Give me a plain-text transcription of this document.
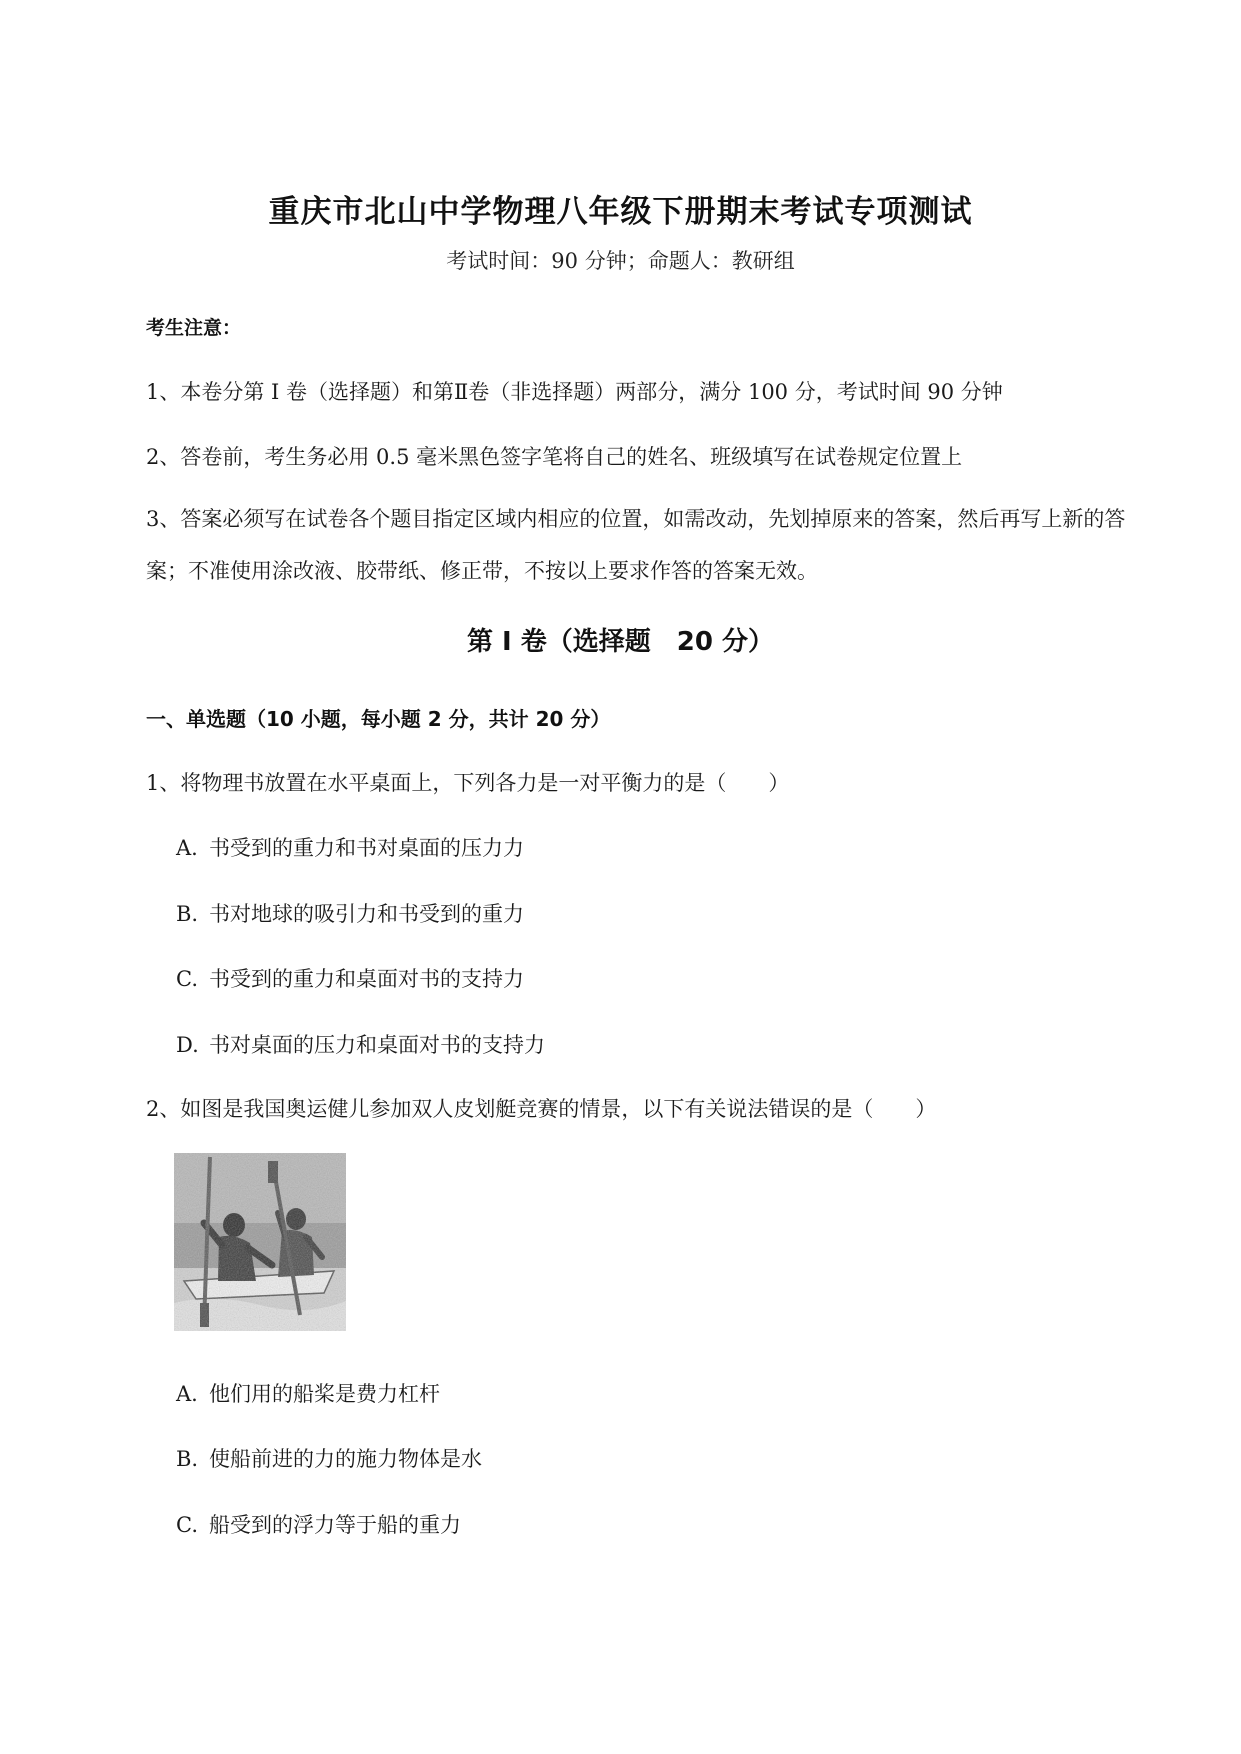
重庆市北山中学物理八年级下册期末考试专项测试
考试时间：90 分钟；命题人：教研组
考生注意：
1、本卷分第 I 卷（选择题）和第Ⅱ卷（非选择题）两部分，满分 100 分，考试时间 90 分钟
2、答卷前，考生务必用 0.5 毫米黑色签字笔将自己的姓名、班级填写在试卷规定位置上
3、答案必须写在试卷各个题目指定区域内相应的位置，如需改动，先划掉原来的答案，然后再写上新的答案；不准使用涂改液、胶带纸、修正带，不按以上要求作答的答案无效。
第 I 卷（选择题　20 分）
一、单选题（10 小题，每小题 2 分，共计 20 分）
1、将物理书放置在水平桌面上，下列各力是一对平衡力的是（　　）
A. 书受到的重力和书对桌面的压力力
B. 书对地球的吸引力和书受到的重力
C. 书受到的重力和桌面对书的支持力
D. 书对桌面的压力和桌面对书的支持力
2、如图是我国奥运健儿参加双人皮划艇竞赛的情景，以下有关说法错误的是（　　）
A. 他们用的船桨是费力杠杆
B. 使船前进的力的施力物体是水
C. 船受到的浮力等于船的重力
